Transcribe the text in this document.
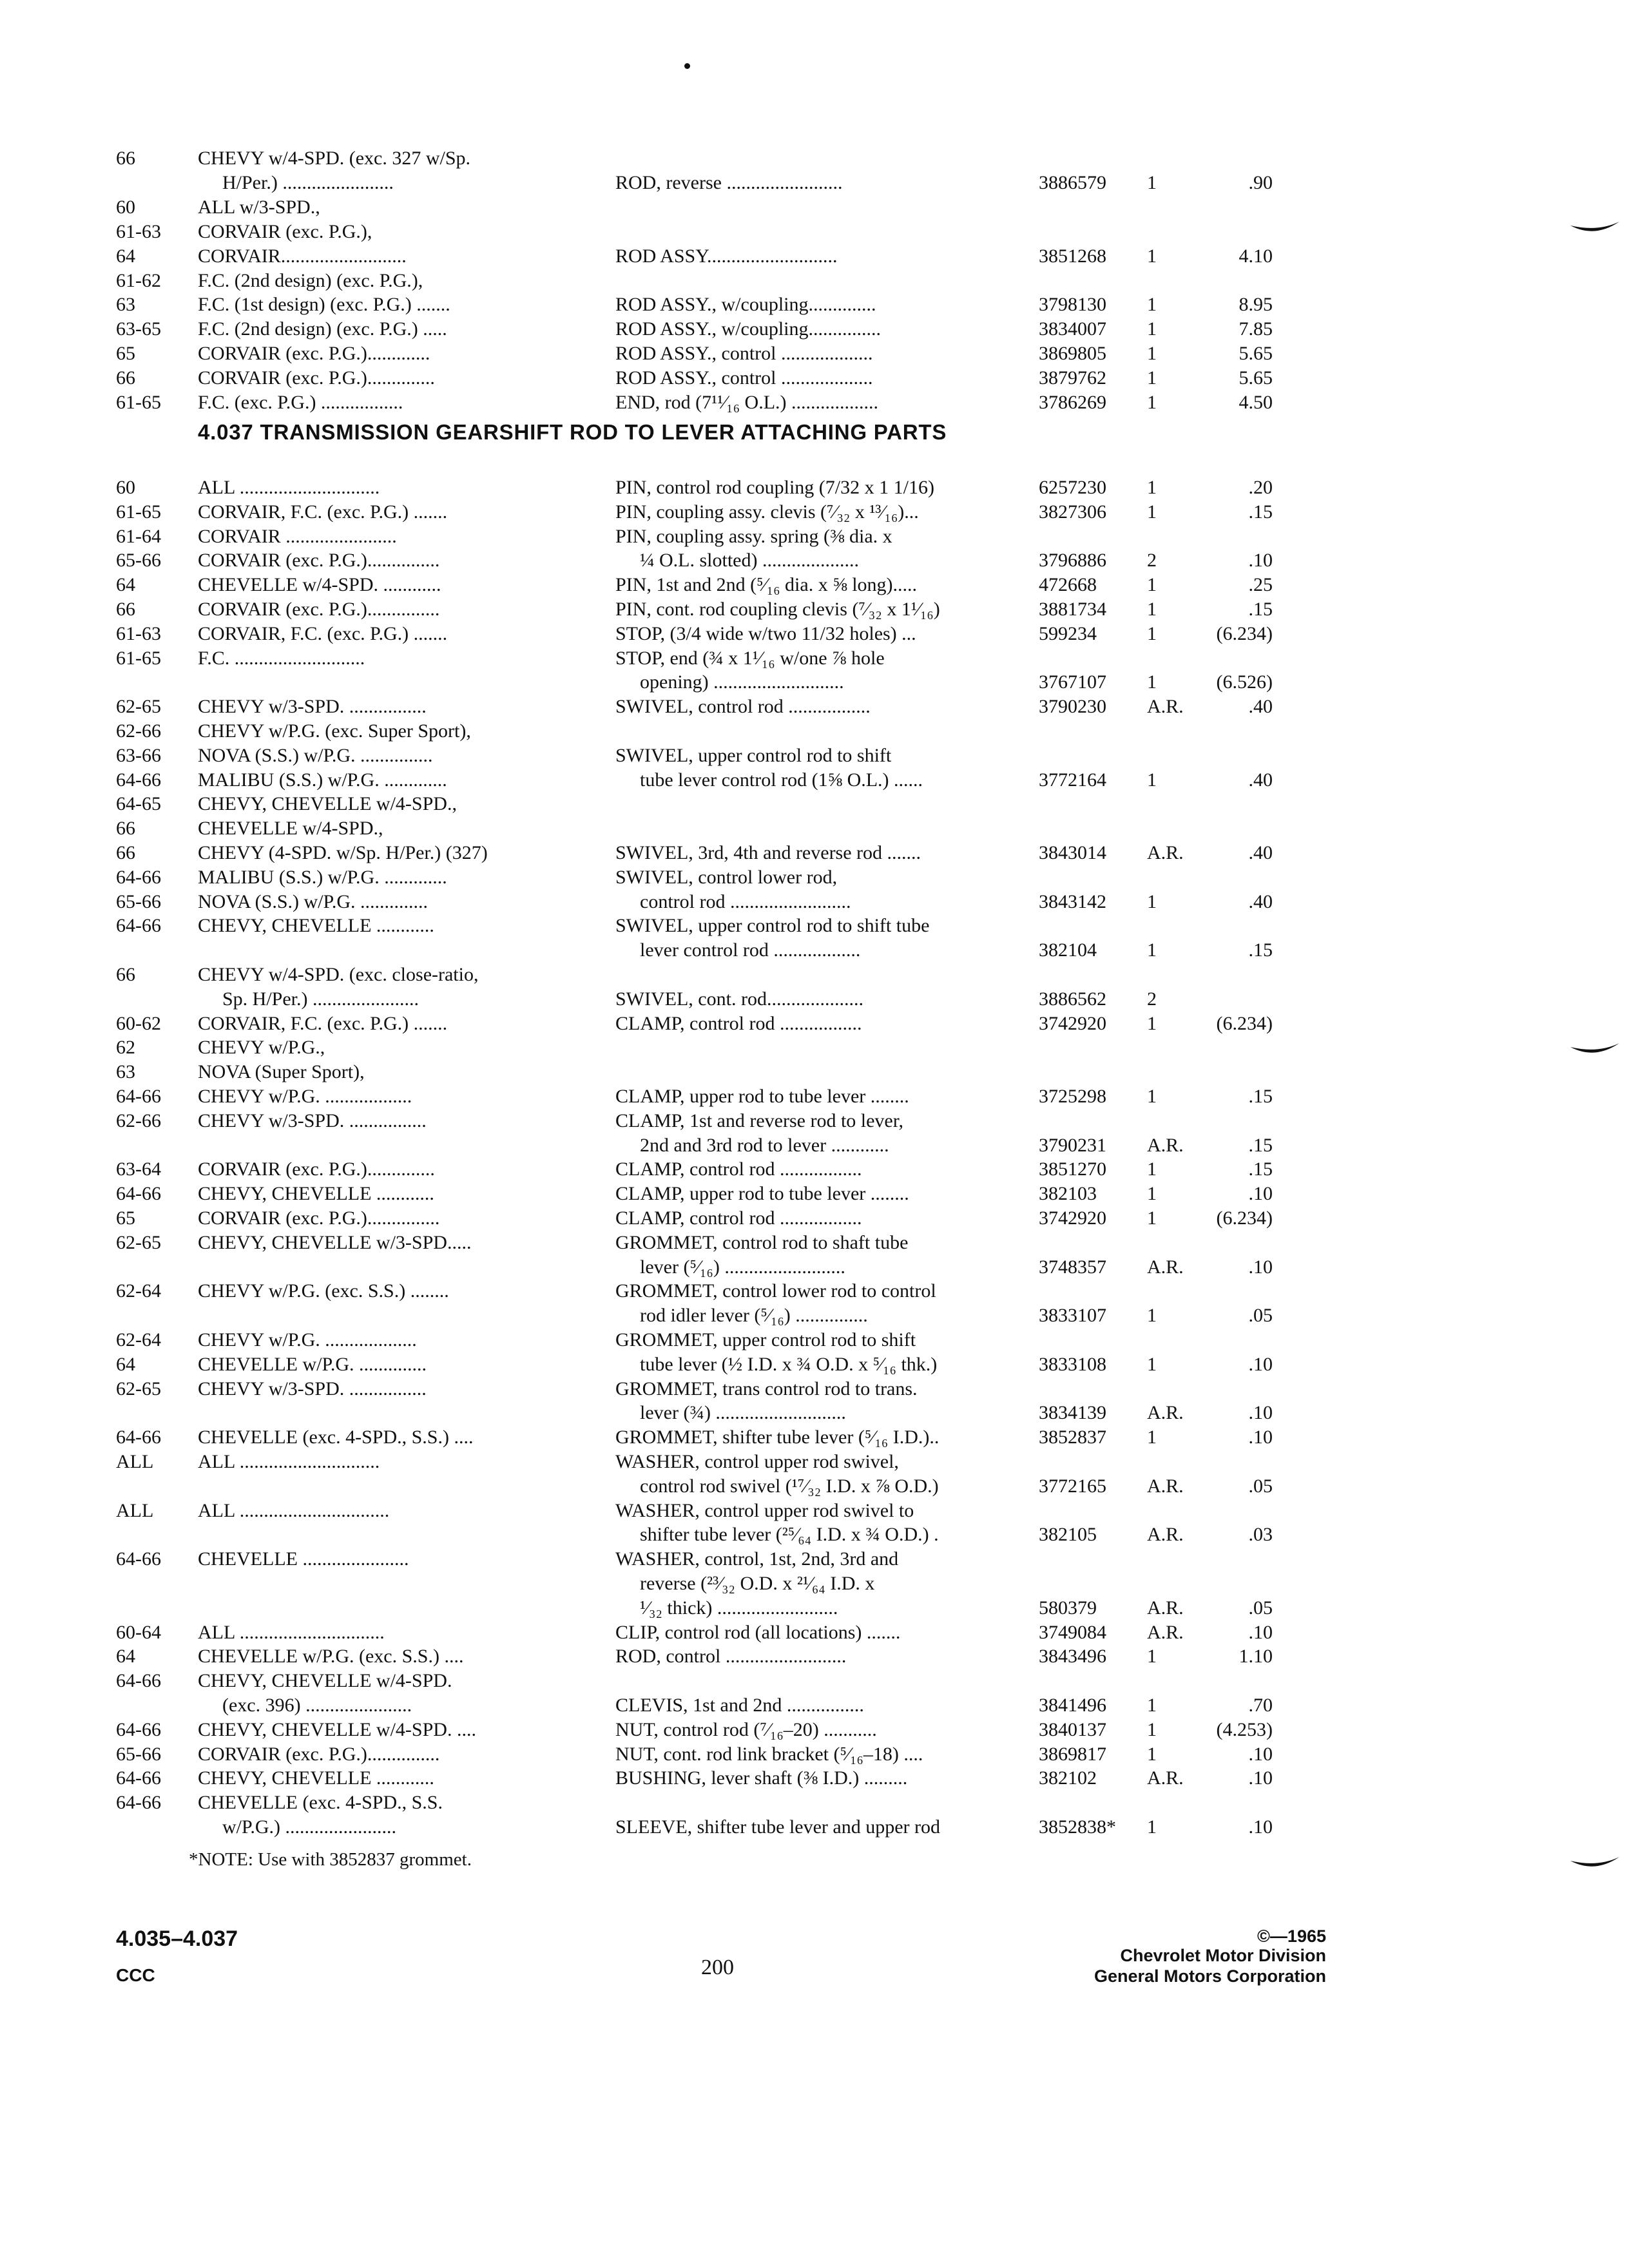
66	CHEVY w/4-SPD. (exc. 327 w/Sp.
H/Per.) .......................	ROD, reverse ........................	3886579 1	.90
60	ALL w/3-SPD.,
61-63 CORVAIR (exc. P.G.),
64	CORVAIR..........................	ROD ASSY...........................	3851268 1	4.10
61-62 F.C. (2nd design) (exc. P.G.),
63	F.C. (1st design) (exc. P.G.) .......	ROD ASSY., w/coupling..............	3798130 1	8.95
63-65 F.C. (2nd design) (exc. P.G.) .....	ROD ASSY., w/coupling...............	3834007 1	7.85
65	CORVAIR (exc. P.G.).............	ROD ASSY., control ...................	3869805 1	5.65
66	CORVAIR (exc. P.G.)..............	ROD ASSY., control ...................	3879762 1	5.65
61-65 F.C. (exc. P.G.) .................	END, rod (7¹¹⁄₁₆ O.L.) ..................	3786269 1	4.50
4.037 TRANSMISSION GEARSHIFT ROD TO LEVER ATTACHING PARTS
60	ALL .............................	PIN, control rod coupling (7/32 x 1 1/16)	6257230 1	.20
61-65 CORVAIR, F.C. (exc. P.G.) .......	PIN, coupling assy. clevis (⁷⁄₃₂ x ¹³⁄₁₆)...	3827306 1	.15
61-64 CORVAIR .......................	PIN, coupling assy. spring (⅜ dia. x
65-66 CORVAIR (exc. P.G.)...............	¼ O.L. slotted) ....................	3796886 2	.10
64	CHEVELLE w/4-SPD. ............	PIN, 1st and 2nd (⁵⁄₁₆ dia. x ⅝ long).....	472668	1	.25
66	CORVAIR (exc. P.G.)...............	PIN, cont. rod coupling clevis (⁷⁄₃₂ x 1¹⁄₁₆)	3881734 1	.15
61-63 CORVAIR, F.C. (exc. P.G.) .......	STOP, (3/4 wide w/two 11/32 holes) ...	599234	1	(6.234)
61-65 F.C. ...........................	STOP, end (¾ x 1¹⁄₁₆ w/one ⅞ hole
opening) ...........................	3767107 1	(6.526)
62-65 CHEVY w/3-SPD. ................	SWIVEL, control rod .................	3790230 A.R.	.40
62-66 CHEVY w/P.G. (exc. Super Sport),
63-66 NOVA (S.S.) w/P.G. ...............	SWIVEL, upper control rod to shift
64-66 MALIBU (S.S.) w/P.G. .............	tube lever control rod (1⅝ O.L.) ......	3772164 1	.40
64-65 CHEVY, CHEVELLE w/4-SPD.,
66	CHEVELLE w/4-SPD.,
66	CHEVY (4-SPD. w/Sp. H/Per.) (327)	SWIVEL, 3rd, 4th and reverse rod .......	3843014 A.R.	.40
64-66 MALIBU (S.S.) w/P.G. .............	SWIVEL, control lower rod,
65-66 NOVA (S.S.) w/P.G. ..............	control rod .........................	3843142 1	.40
64-66 CHEVY, CHEVELLE ............	SWIVEL, upper control rod to shift tube
lever control rod ..................	382104	1	.15
66	CHEVY w/4-SPD. (exc. close-ratio,
Sp. H/Per.) ......................	SWIVEL, cont. rod....................	3886562 2
60-62 CORVAIR, F.C. (exc. P.G.) .......	CLAMP, control rod .................	3742920 1	(6.234)
62	CHEVY w/P.G.,
63	NOVA (Super Sport),
64-66 CHEVY w/P.G. ..................	CLAMP, upper rod to tube lever ........	3725298 1	.15
62-66 CHEVY w/3-SPD. ................	CLAMP, 1st and reverse rod to lever,
2nd and 3rd rod to lever ............	3790231 A.R.	.15
63-64 CORVAIR (exc. P.G.)..............	CLAMP, control rod .................	3851270 1	.15
64-66 CHEVY, CHEVELLE ............	CLAMP, upper rod to tube lever ........	382103	1	.10
65	CORVAIR (exc. P.G.)...............	CLAMP, control rod .................	3742920 1	(6.234)
62-65 CHEVY, CHEVELLE w/3-SPD.....	GROMMET, control rod to shaft tube
lever (⁵⁄₁₆) .........................	3748357 A.R.	.10
62-64 CHEVY w/P.G. (exc. S.S.) ........	GROMMET, control lower rod to control
rod idler lever (⁵⁄₁₆) ...............	3833107 1	.05
62-64 CHEVY w/P.G. ...................	GROMMET, upper control rod to shift
64	CHEVELLE w/P.G. ..............	tube lever (½ I.D. x ¾ O.D. x ⁵⁄₁₆ thk.)	3833108 1	.10
62-65 CHEVY w/3-SPD. ................	GROMMET, trans control rod to trans.
lever (¾) ...........................	3834139 A.R.	.10
64-66 CHEVELLE (exc. 4-SPD., S.S.) ....	GROMMET, shifter tube lever (⁵⁄₁₆ I.D.)..	3852837 1	.10
ALL ALL .............................	WASHER, control upper rod swivel,
control rod swivel (¹⁷⁄₃₂ I.D. x ⅞ O.D.)	3772165 A.R.	.05
ALL ALL ...............................	WASHER, control upper rod swivel to
shifter tube lever (²⁵⁄₆₄ I.D. x ¾ O.D.) .	382105	A.R.	.03
64-66 CHEVELLE ......................	WASHER, control, 1st, 2nd, 3rd and
reverse (²³⁄₃₂ O.D. x ²¹⁄₆₄ I.D. x
¹⁄₃₂ thick) .........................	580379	A.R.	.05
60-64 ALL ..............................	CLIP, control rod (all locations) .......	3749084 A.R.	.10
64	CHEVELLE w/P.G. (exc. S.S.) ....	ROD, control .........................	3843496 1	1.10
64-66 CHEVY, CHEVELLE w/4-SPD.
(exc. 396) ......................	CLEVIS, 1st and 2nd ................	3841496 1	.70
64-66 CHEVY, CHEVELLE w/4-SPD. ....	NUT, control rod (⁷⁄₁₆–20) ...........	3840137 1	(4.253)
65-66 CORVAIR (exc. P.G.)...............	NUT, cont. rod link bracket (⁵⁄₁₆–18) ....	3869817 1	.10
64-66 CHEVY, CHEVELLE ............	BUSHING, lever shaft (⅜ I.D.) .........	382102	A.R.	.10
64-66 CHEVELLE (exc. 4-SPD., S.S.
w/P.G.) .......................	SLEEVE, shifter tube lever and upper rod	3852838* 1	.10
*NOTE: Use with 3852837 grommet.
4.035–4.037
CCC	200
©—1965
Chevrolet Motor Division
General Motors Corporation
